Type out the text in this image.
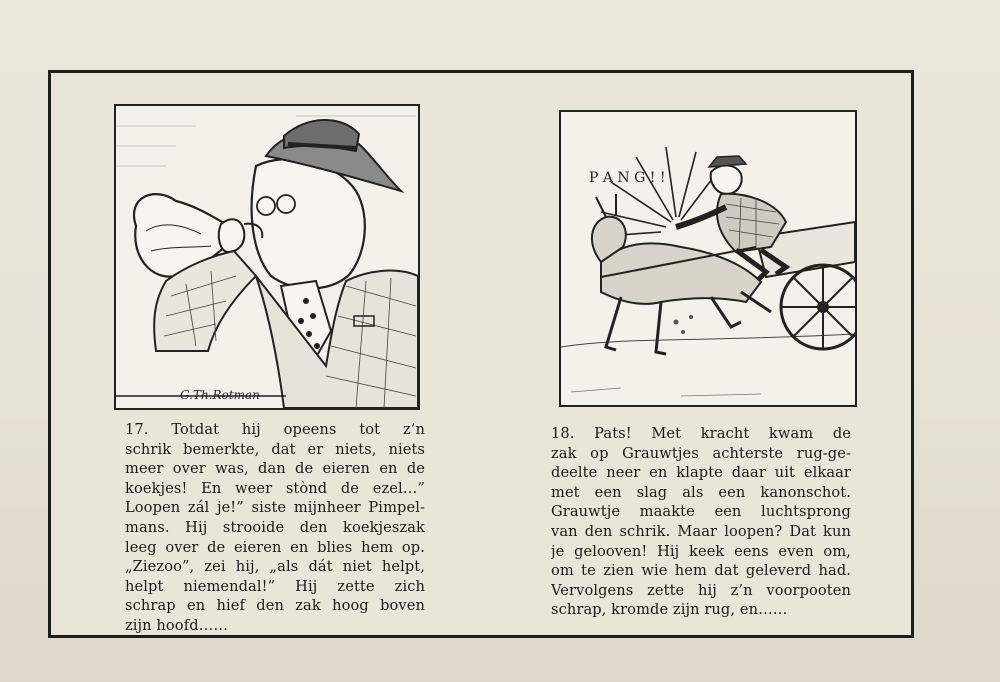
G.Th.Rotman
P A N G ! !
17. Totdat hij opeens tot z’n
schrik bemerkte, dat er niets, niets
meer over was, dan de eieren en de
koekjes! En weer stònd de ezel…”
Loopen zál je!” siste mijnheer Pimpel-
mans. Hij strooide den koekjeszak
leeg over de eieren en blies hem op.
„Ziezoo”, zei hij, „als dát niet helpt,
helpt niemendal!” Hij zette zich
schrap en hief den zak hoog boven
zijn hoofd……
18. Pats! Met kracht kwam de
zak op Grauwtjes achterste rug-ge-
deelte neer en klapte daar uit elkaar
met een slag als een kanonschot.
Grauwtje maakte een luchtsprong
van den schrik. Maar loopen? Dat kun
je gelooven! Hij keek eens even om,
om te zien wie hem dat geleverd had.
Vervolgens zette hij z’n voorpooten
schrap, kromde zijn rug, en……
